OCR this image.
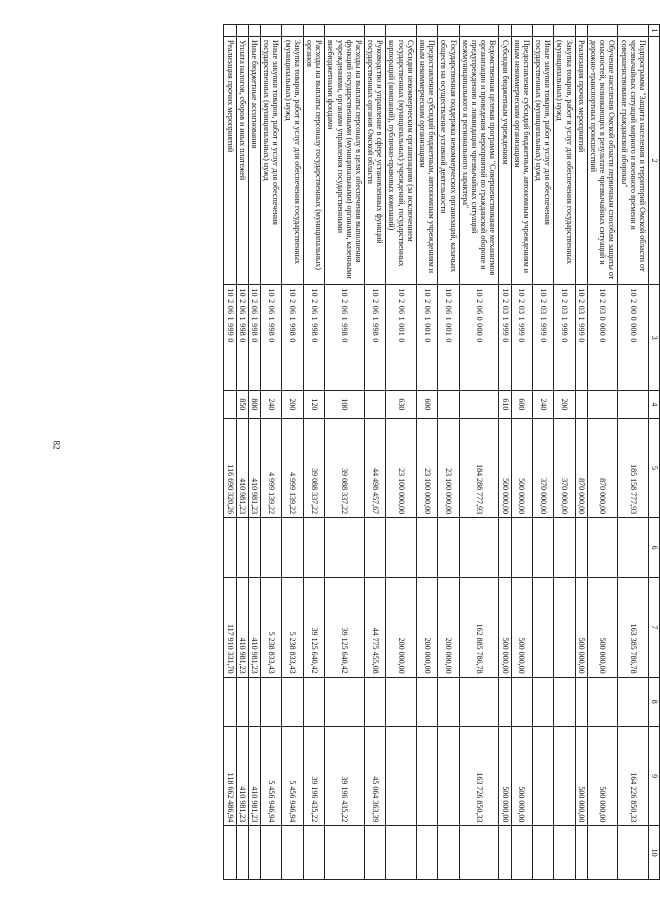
82
1	2	3	4	5	6	7	8	9	10
	Подпрограмма "Защита населения и территорий Омской области от чрезвычайных ситуаций мирного и военного времени и совершенствование гражданской обороны"	10 2 00 0 000 0		185 158 777,93		163 385 786,78		164 226 850,33	
	Обучение населения Омской области первичным способам защиты от опасностей, возникающих в результате чрезвычайных ситуаций и дорожно-транспортных происшествий	10 2 03 0 000 0		870 000,00		500 000,00		500 000,00	
	Реализация прочих мероприятий	10 2 03 1 999 0		870 000,00		500 000,00		500 000,00	
	Закупка товаров, работ и услуг для обеспечения государственных (муниципальных) нужд	10 2 03 1 999 0	200	370 000,00					
	Иные закупки товаров, работ и услуг для обеспечения государственных (муниципальных) нужд	10 2 03 1 999 0	240	370 000,00					
	Предоставление субсидий бюджетным, автономным учреждениям и иным некоммерческим организациям	10 2 03 1 999 0	600	500 000,00		500 000,00		500 000,00	
	Субсидии бюджетным учреждениям	10 2 03 1 999 0	610	500 000,00		500 000,00		500 000,00	
	Ведомственная целевая программа "Совершенствование механизмов организации и проведения мероприятий по гражданской обороне и предупреждению и ликвидации чрезвычайных ситуаций межмуниципального и регионального характера"	10 2 06 0 000 0		184 288 777,93		162 885 786,78		163 726 850,33	
	Государственная поддержка некоммерческих организаций, казачьих обществ на осуществление уставной деятельности	10 2 06 1 001 0		23 100 000,00		200 000,00			
	Предоставление субсидий бюджетным, автономным учреждениям и иным некоммерческим организациям	10 2 06 1 001 0	600	23 100 000,00		200 000,00			
	Субсидии некоммерческим организациям (за исключением государственных (муниципальных) учреждений, государственных корпораций (компаний), публично-правовых компаний)	10 2 06 1 001 0	630	23 100 000,00		200 000,00			
	Руководство и управление в сфере установленных функций государственных органов Омской области	10 2 06 1 998 0		44 498 457,67		44 775 455,08		45 064 363,39	
	Расходы на выплаты персоналу в целях обеспечения выполнения функций государственными (муниципальными) органами, казенными учреждениями, органами управления государственными внебюджетными фондами	10 2 06 1 998 0	100	39 088 337,22		39 125 640,42		39 196 435,22	
	Расходы на выплаты персоналу государственных (муниципальных) органов	10 2 06 1 998 0	120	39 088 337,22		39 125 640,42		39 196 435,22	
	Закупка товаров, работ и услуг для обеспечения государственных (муниципальных) нужд	10 2 06 1 998 0	200	4 999 139,22		5 238 833,43		5 456 946,94	
	Иные закупки товаров, работ и услуг для обеспечения государственных (муниципальных) нужд	10 2 06 1 998 0	240	4 999 139,22		5 238 833,43		5 456 946,94	
	Иные бюджетные ассигнования	10 2 06 1 998 0	800	410 981,23		410 981,23		410 981,23	
	Уплата налогов, сборов и иных платежей	10 2 06 1 998 0	850	410 981,23		410 981,23		410 981,23	
	Реализация прочих мероприятий	10 2 06 1 999 0		116 690 320,26		117 910 331,70		118 662 486,94	
